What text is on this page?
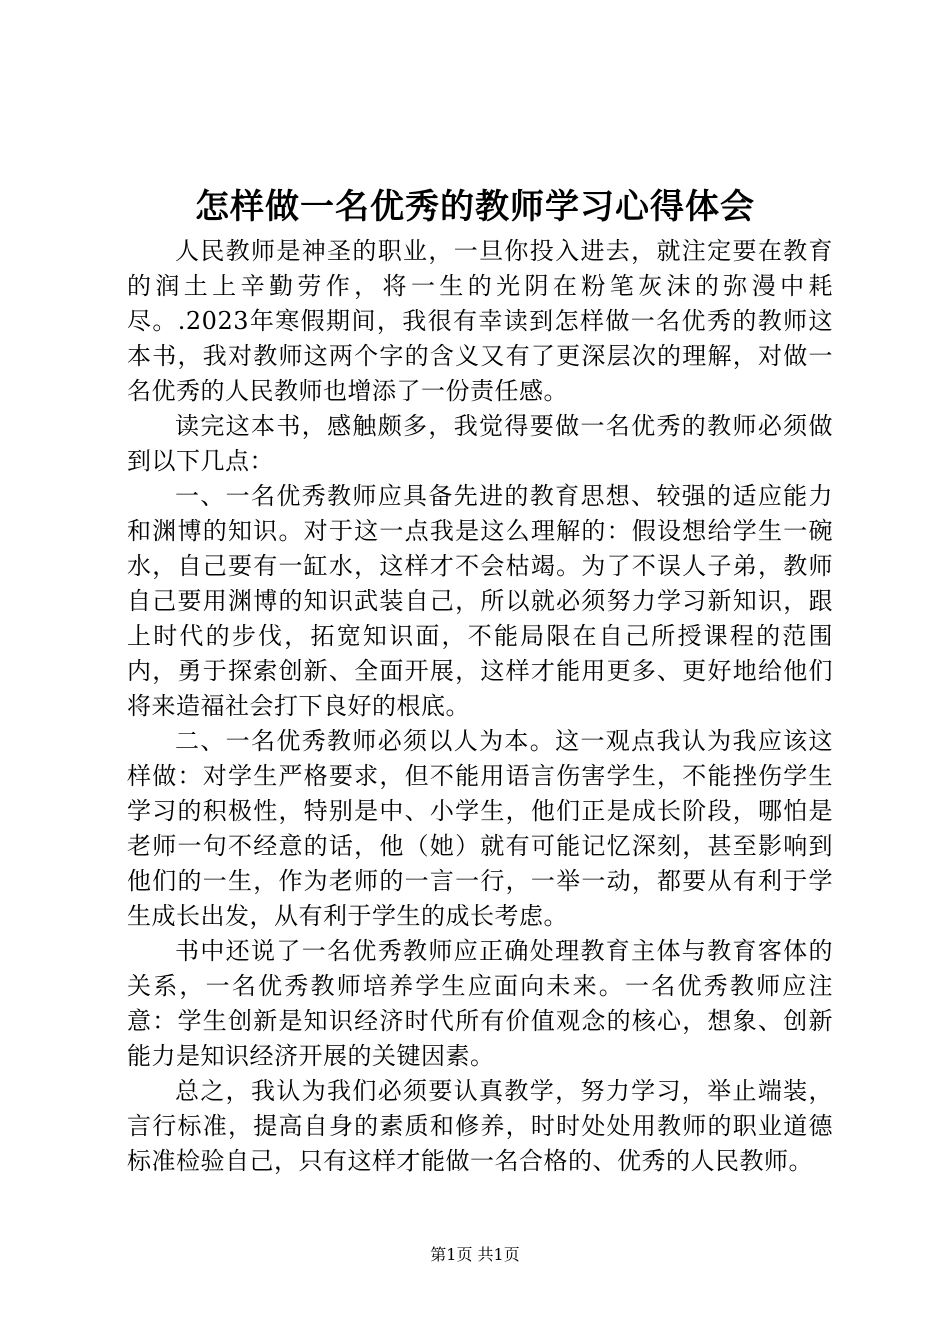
怎样做一名优秀的教师学习心得体会

人民教师是神圣的职业，一旦你投入进去，就注定要在教育的润土上辛勤劳作，将一生的光阴在粉笔灰沫的弥漫中耗尽。.2023年寒假期间，我很有幸读到怎样做一名优秀的教师这本书，我对教师这两个字的含义又有了更深层次的理解，对做一名优秀的人民教师也增添了一份责任感。

读完这本书，感触颇多，我觉得要做一名优秀的教师必须做到以下几点：

一、一名优秀教师应具备先进的教育思想、较强的适应能力和渊博的知识。对于这一点我是这么理解的：假设想给学生一碗水，自己要有一缸水，这样才不会枯竭。为了不误人子弟，教师自己要用渊博的知识武装自己，所以就必须努力学习新知识，跟上时代的步伐，拓宽知识面，不能局限在自己所授课程的范围内，勇于探索创新、全面开展，这样才能用更多、更好地给他们将来造福社会打下良好的根底。

二、一名优秀教师必须以人为本。这一观点我认为我应该这样做：对学生严格要求，但不能用语言伤害学生，不能挫伤学生学习的积极性，特别是中、小学生，他们正是成长阶段，哪怕是老师一句不经意的话，他（她）就有可能记忆深刻，甚至影响到他们的一生，作为老师的一言一行，一举一动，都要从有利于学生成长出发，从有利于学生的成长考虑。

书中还说了一名优秀教师应正确处理教育主体与教育客体的关系，一名优秀教师培养学生应面向未来。一名优秀教师应注意：学生创新是知识经济时代所有价值观念的核心，想象、创新能力是知识经济开展的关键因素。

总之，我认为我们必须要认真教学，努力学习，举止端装，言行标准，提高自身的素质和修养，时时处处用教师的职业道德标准检验自己，只有这样才能做一名合格的、优秀的人民教师。

第1页 共1页
